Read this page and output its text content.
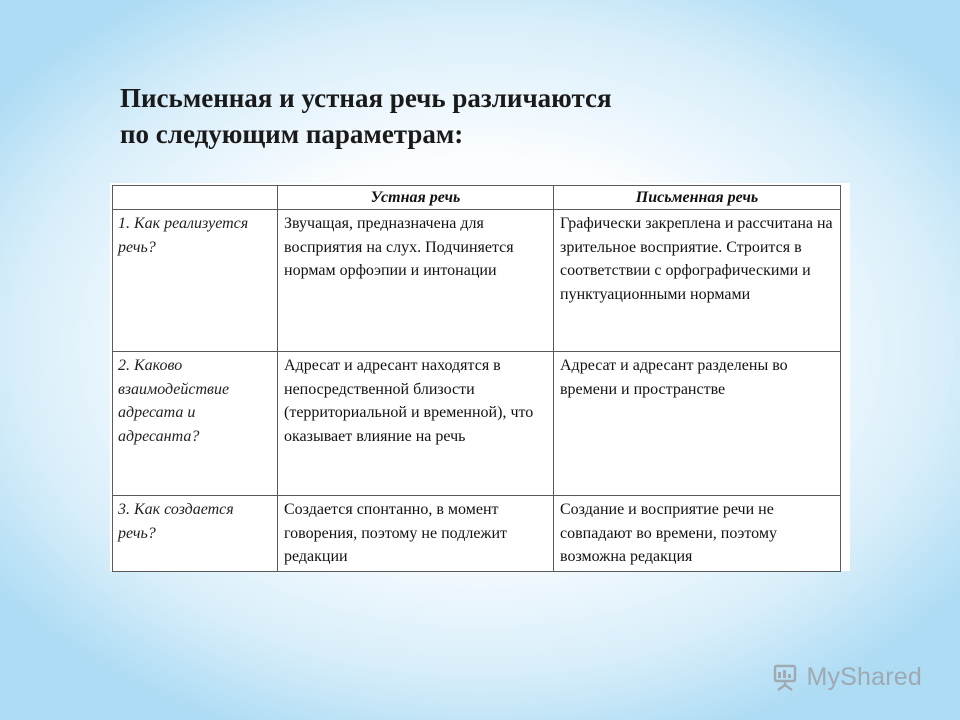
Письменная и устная речь различаются
по следующим параметрам:
	Устная речь	Письменная речь
1. Как реализуется речь?	Звучащая, предназначена для восприятия на слух. Подчиняется нормам орфоэпии и интонации	Графически закреплена и рассчитана на зрительное восприятие. Строится в соответствии с орфографическими и пунктуационными нормами
2. Каково взаимодействие адресата и адресанта?	Адресат и адресант находятся в непосредственной близости (территориальной и временной), что оказывает влияние на речь	Адресат и адресант разделены во времени и пространстве
3. Как создается речь?	Создается спонтанно, в момент говорения, поэтому не подлежит редакции	Создание и восприятие речи не совпадают во времени, поэтому возможна редакция
MyShared
